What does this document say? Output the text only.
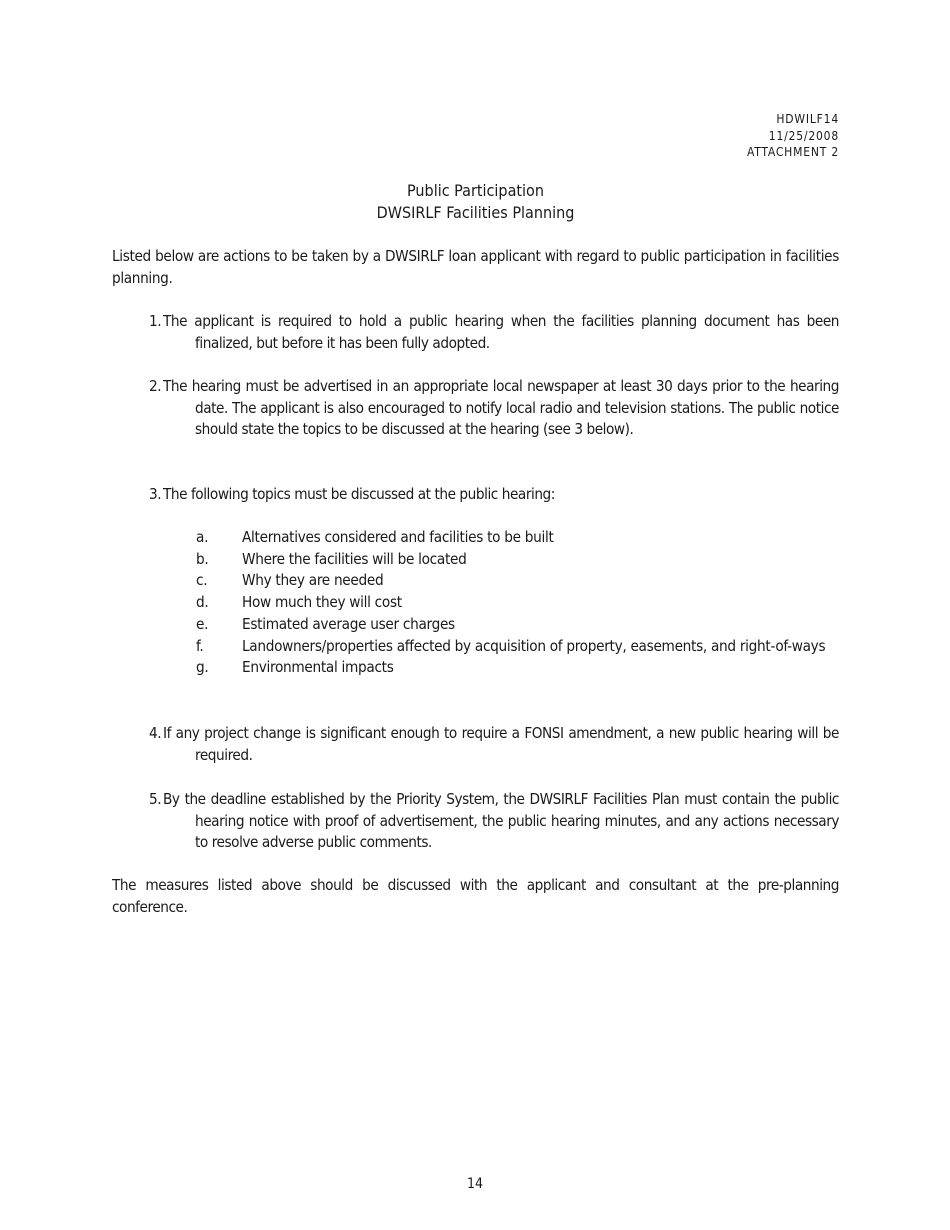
HDWILF14
11/25/2008
ATTACHMENT 2
Public Participation
DWSIRLF Facilities Planning

Listed below are actions to be taken by a DWSIRLF loan applicant with regard to public participation in facilities planning.

1. The applicant is required to hold a public hearing when the facilities planning document has been finalized, but before it has been fully adopted.
2. The hearing must be advertised in an appropriate local newspaper at least 30 days prior to the hearing date. The applicant is also encouraged to notify local radio and television stations. The public notice should state the topics to be discussed at the hearing (see 3 below).
3. The following topics must be discussed at the public hearing:
a. Alternatives considered and facilities to be built
b. Where the facilities will be located
c. Why they are needed
d. How much they will cost
e. Estimated average user charges
f.	Landowners/properties affected by acquisition of property, easements, and right-of-ways
g. Environmental impacts
4. If any project change is significant enough to require a FONSI amendment, a new public hearing will be required.
5. By the deadline established by the Priority System, the DWSIRLF Facilities Plan must contain the public hearing notice with proof of advertisement, the public hearing minutes, and any actions necessary to resolve adverse public comments.

The measures listed above should be discussed with the applicant and consultant at the pre-planning conference.

14
